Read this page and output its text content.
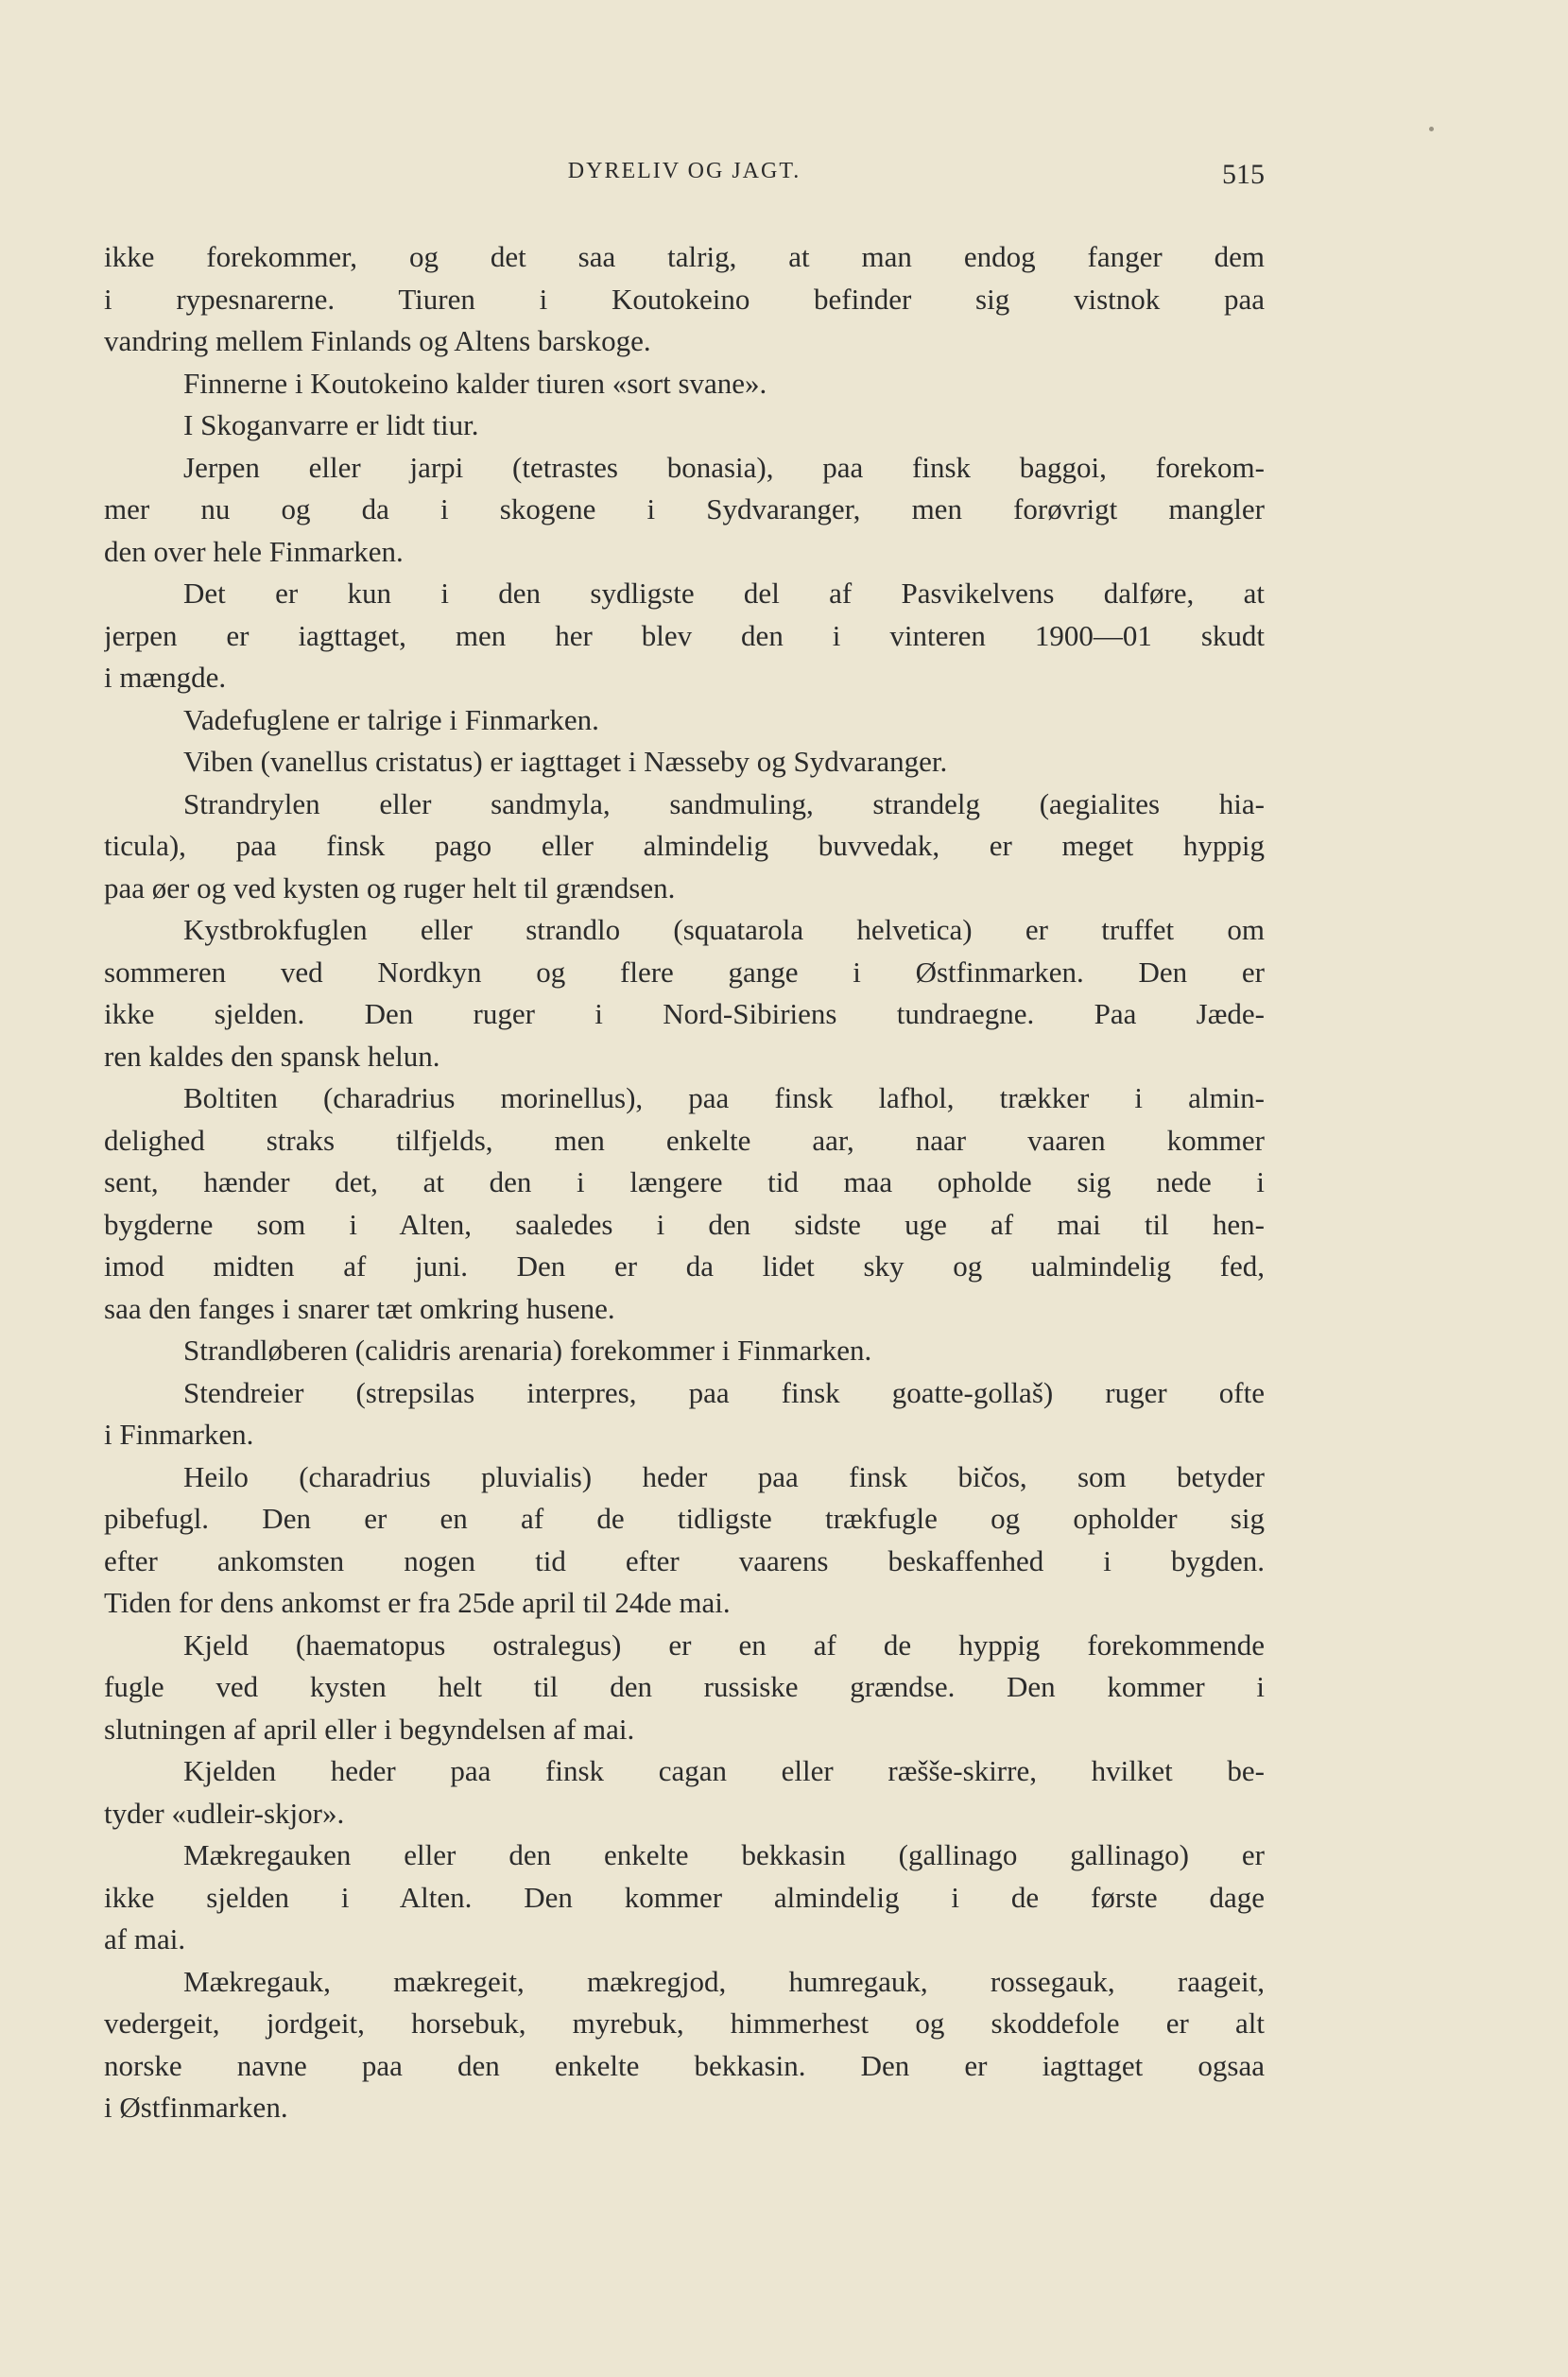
DYRELIV OG JAGT.	515
ikke forekommer, og det saa talrig, at man endog fanger dem
i rypesnarerne. Tiuren i Koutokeino befinder sig vistnok paa
vandring mellem Finlands og Altens barskoge.
Finnerne i Koutokeino kalder tiuren «sort svane».
I Skoganvarre er lidt tiur.
Jerpen eller jarpi (tetrastes bonasia), paa finsk baggoi, forekom-
mer nu og da i skogene i Sydvaranger, men forøvrigt mangler
den over hele Finmarken.
Det er kun i den sydligste del af Pasvikelvens dalføre, at
jerpen er iagttaget, men her blev den i vinteren 1900—01 skudt
i mængde.
Vadefuglene er talrige i Finmarken.
Viben (vanellus cristatus) er iagttaget i Næsseby og Sydvaranger.
Strandrylen eller sandmyla, sandmuling, strandelg (aegialites hia-
ticula), paa finsk pago eller almindelig buvvedak, er meget hyppig
paa øer og ved kysten og ruger helt til grændsen.
Kystbrokfuglen eller strandlo (squatarola helvetica) er truffet om
sommeren ved Nordkyn og flere gange i Østfinmarken. Den er
ikke sjelden. Den ruger i Nord-Sibiriens tundraegne. Paa Jæde-
ren kaldes den spansk helun.
Boltiten (charadrius morinellus), paa finsk lafhol, trækker i almin-
delighed straks tilfjelds, men enkelte aar, naar vaaren kommer
sent, hænder det, at den i længere tid maa opholde sig nede i
bygderne som i Alten, saaledes i den sidste uge af mai til hen-
imod midten af juni. Den er da lidet sky og ualmindelig fed,
saa den fanges i snarer tæt omkring husene.
Strandløberen (calidris arenaria) forekommer i Finmarken.
Stendreier (strepsilas interpres, paa finsk goatte-gollaš) ruger ofte
i Finmarken.
Heilo (charadrius pluvialis) heder paa finsk bičos, som betyder
pibefugl. Den er en af de tidligste trækfugle og opholder sig
efter ankomsten nogen tid efter vaarens beskaffenhed i bygden.
Tiden for dens ankomst er fra 25de april til 24de mai.
Kjeld (haematopus ostralegus) er en af de hyppig forekommende
fugle ved kysten helt til den russiske grændse. Den kommer i
slutningen af april eller i begyndelsen af mai.
Kjelden heder paa finsk cagan eller ræšše-skirre, hvilket be-
tyder «udleir-skjor».
Mækregauken eller den enkelte bekkasin (gallinago gallinago) er
ikke sjelden i Alten. Den kommer almindelig i de første dage
af mai.
Mækregauk, mækregeit, mækregjod, humregauk, rossegauk, raageit,
vedergeit, jordgeit, horsebuk, myrebuk, himmerhest og skoddefole er alt
norske navne paa den enkelte bekkasin. Den er iagttaget ogsaa
i Østfinmarken.
